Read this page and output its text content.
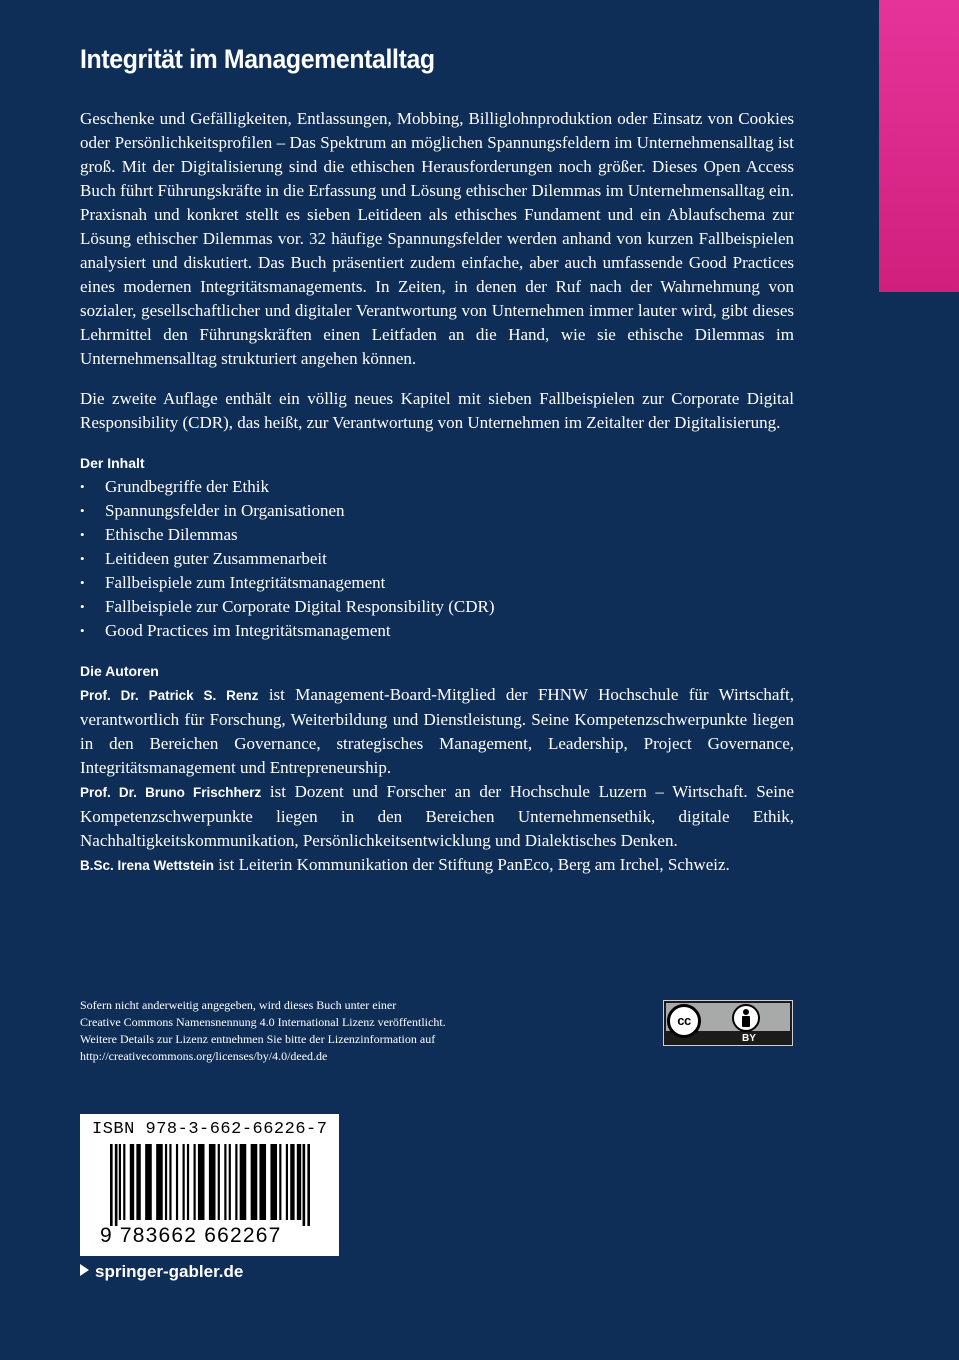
Integrität im Managementalltag
Geschenke und Gefälligkeiten, Entlassungen, Mobbing, Billiglohnproduktion oder Einsatz von Cookies oder Persönlichkeitsprofilen – Das Spektrum an möglichen Spannungsfeldern im Unternehmensalltag ist groß. Mit der Digitalisierung sind die ethischen Herausforderungen noch größer. Dieses Open Access Buch führt Führungskräfte in die Erfassung und Lösung ethischer Dilemmas im Unternehmensalltag ein. Praxisnah und konkret stellt es sieben Leitideen als ethisches Fundament und ein Ablaufschema zur Lösung ethischer Dilemmas vor. 32 häufige Spannungsfelder werden anhand von kurzen Fallbeispielen analysiert und diskutiert. Das Buch präsentiert zudem einfache, aber auch umfassende Good Practices eines modernen Integritätsmanagements. In Zeiten, in denen der Ruf nach der Wahrnehmung von sozialer, gesellschaftlicher und digitaler Verantwortung von Unternehmen immer lauter wird, gibt dieses Lehrmittel den Führungskräften einen Leitfaden an die Hand, wie sie ethische Dilemmas im Unternehmensalltag strukturiert angehen können.
Die zweite Auflage enthält ein völlig neues Kapitel mit sieben Fallbeispielen zur Corporate Digital Responsibility (CDR), das heißt, zur Verantwortung von Unternehmen im Zeitalter der Digitalisierung.
Der Inhalt
• Grundbegriffe der Ethik
• Spannungsfelder in Organisationen
• Ethische Dilemmas
• Leitideen guter Zusammenarbeit
• Fallbeispiele zum Integritätsmanagement
• Fallbeispiele zur Corporate Digital Responsibility (CDR)
• Good Practices im Integritätsmanagement
Die Autoren

Prof. Dr. Patrick S. Renz ist Management-Board-Mitglied der FHNW Hochschule für Wirtschaft, verantwortlich für Forschung, Weiterbildung und Dienstleistung. Seine Kompetenzschwerpunkte liegen in den Bereichen Governance, strategisches Management, Leadership, Project Governance, Integritätsmanagement und Entrepreneurship.

Prof. Dr. Bruno Frischherz ist Dozent und Forscher an der Hochschule Luzern – Wirtschaft. Seine Kompetenzschwerpunkte liegen in den Bereichen Unternehmensethik, digitale Ethik, Nachhaltigkeitskommunikation, Persönlichkeitsentwicklung und Dialektisches Denken.

B.Sc. Irena Wettstein ist Leiterin Kommunikation der Stiftung PanEco, Berg am Irchel, Schweiz.

Sofern nicht anderweitig angegeben, wird dieses Buch unter einer
Creative Commons Namensnennung 4.0 International Lizenz veröffentlicht.
Weitere Details zur Lizenz entnehmen Sie bitte der Lizenzinformation auf
http://creativecommons.org/licenses/by/4.0/deed.de
cc
BY
ISBN 978-3-662-66226-7
9 783662 662267
springer-gabler.de
